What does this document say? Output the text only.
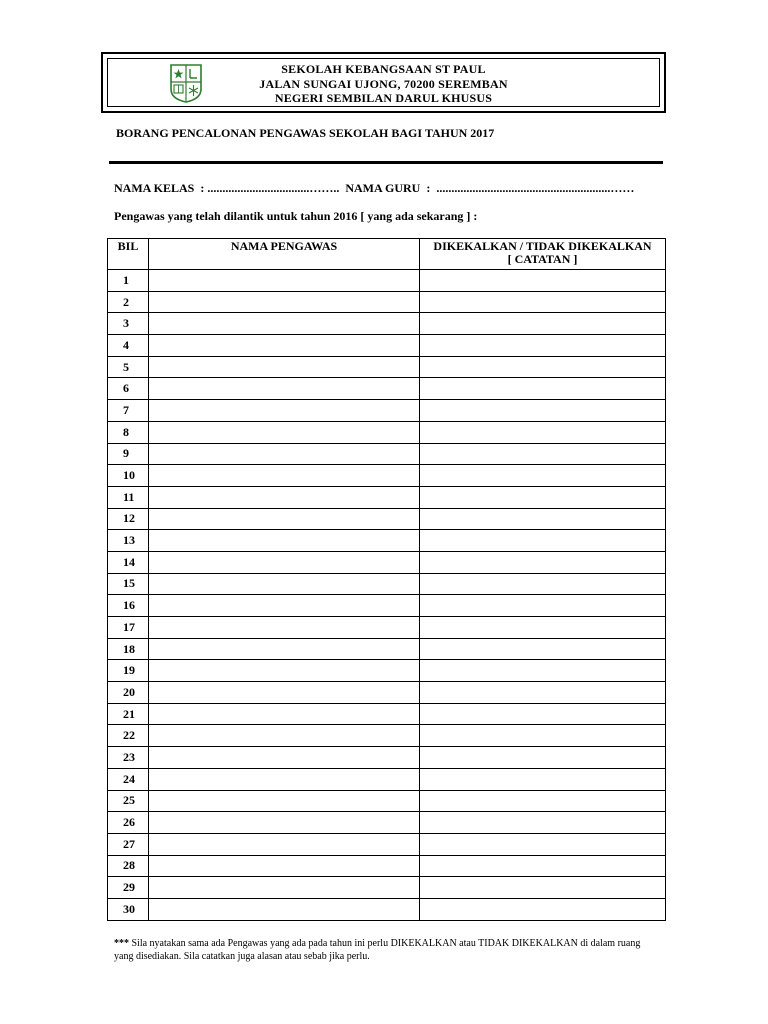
SEKOLAH KEBANGSAAN ST PAUL
JALAN SUNGAI UJONG, 70200 SEREMBAN
NEGERI SEMBILAN DARUL KHUSUS
BORANG PENCALONAN PENGAWAS SEKOLAH BAGI TAHUN 2017
NAMA KELAS  : ..................................……..  NAMA GURU  :  ..........................................................……
Pengawas yang telah dilantik untuk tahun 2016 [ yang ada sekarang ] :
BIL	NAMA PENGAWAS	DIKEKALKAN / TIDAK DIKEKALKAN
[ CATATAN ]

1		
2		
3		
4		
5		
6		
7		
8		
9		
10		
11		
12		
13		
14		
15		
16		
17		
18		
19		
20		
21		
22		
23		
24		
25		
26		
27		
28		
29		
30		
*** Sila nyatakan sama ada Pengawas yang ada pada tahun ini perlu DIKEKALKAN atau TIDAK DIKEKALKAN di dalam ruang yang disediakan. Sila catatkan juga alasan atau sebab jika perlu.
